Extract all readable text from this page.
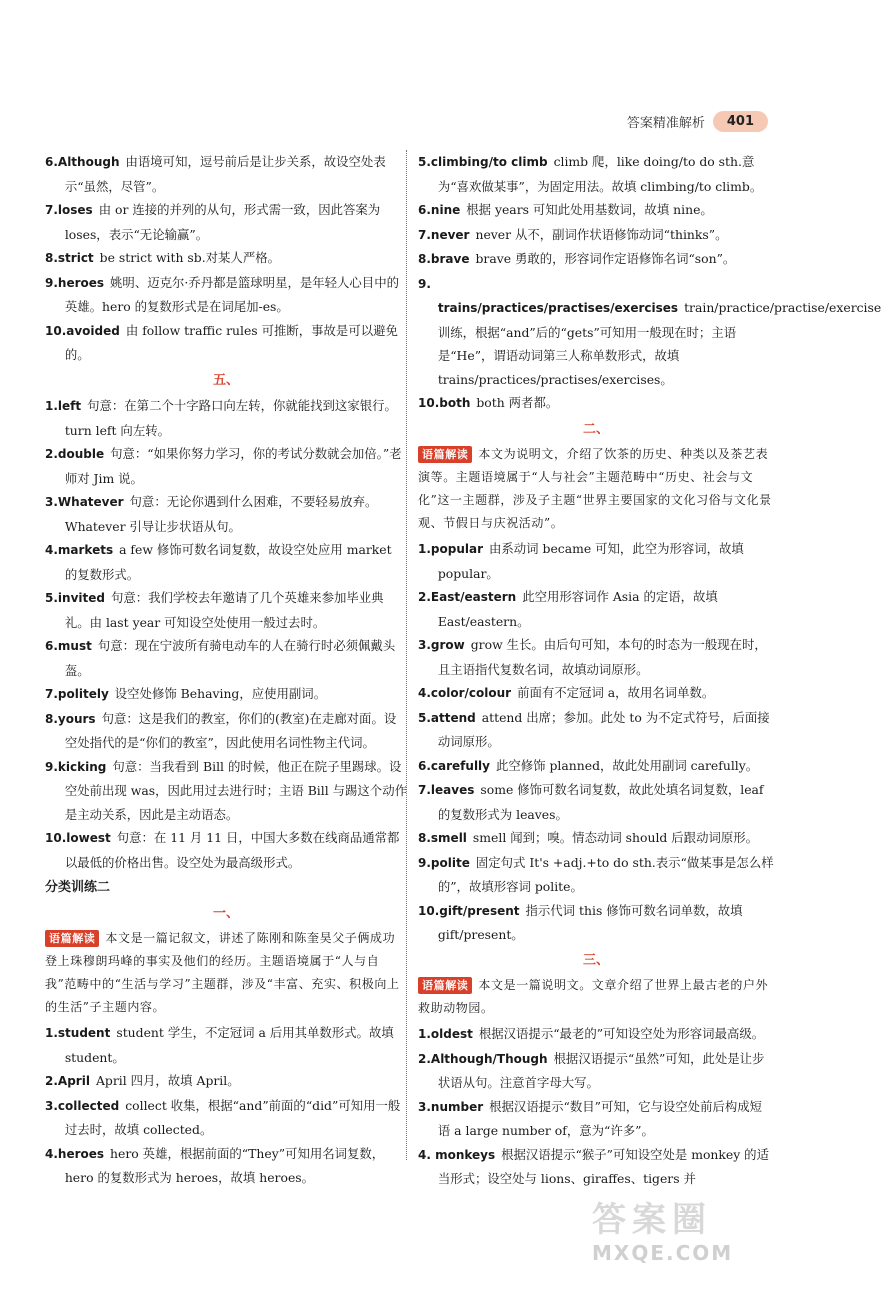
答案精准解析	401
6.Although 由语境可知，逗号前后是让步关系，故设空处表示“虽然，尽管”。
7.loses 由 or 连接的并列的从句，形式需一致，因此答案为 loses，表示“无论输赢”。
8.strict be strict with sb.对某人严格。
9.heroes 姚明、迈克尔·乔丹都是篮球明星，是年轻人心目中的英雄。hero 的复数形式是在词尾加-es。
10.avoided 由 follow traffic rules 可推断，事故是可以避免的。
五、
1.left 句意：在第二个十字路口向左转，你就能找到这家银行。turn left 向左转。
2.double 句意：“如果你努力学习，你的考试分数就会加倍。”老师对 Jim 说。
3.Whatever 句意：无论你遇到什么困难，不要轻易放弃。Whatever 引导让步状语从句。
4.markets a few 修饰可数名词复数，故设空处应用 market 的复数形式。
5.invited 句意：我们学校去年邀请了几个英雄来参加毕业典礼。由 last year 可知设空处使用一般过去时。
6.must 句意：现在宁波所有骑电动车的人在骑行时必须佩戴头盔。
7.politely 设空处修饰 Behaving，应使用副词。
8.yours 句意：这是我们的教室，你们的(教室)在走廊对面。设空处指代的是“你们的教室”，因此使用名词性物主代词。
9.kicking 句意：当我看到 Bill 的时候，他正在院子里踢球。设空处前出现 was，因此用过去进行时；主语 Bill 与踢这个动作是主动关系，因此是主动语态。
10.lowest 句意：在 11 月 11 日，中国大多数在线商品通常都以最低的价格出售。设空处为最高级形式。
分类训练二
一、
语篇解读 本文是一篇记叙文，讲述了陈刚和陈奎昊父子俩成功登上珠穆朗玛峰的事实及他们的经历。主题语境属于“人与自我”范畴中的“生活与学习”主题群，涉及“丰富、充实、积极向上的生活”子主题内容。
1.student student 学生，不定冠词 a 后用其单数形式。故填 student。
2.April April 四月，故填 April。
3.collected collect 收集，根据“and”前面的“did”可知用一般过去时，故填 collected。
4.heroes hero 英雄，根据前面的“They”可知用名词复数，hero 的复数形式为 heroes，故填 heroes。
5.climbing/to climb climb 爬，like doing/to do sth.意为“喜欢做某事”，为固定用法。故填 climbing/to climb。
6.nine 根据 years 可知此处用基数词，故填 nine。
7.never never 从不，副词作状语修饰动词“thinks”。
8.brave brave 勇敢的，形容词作定语修饰名词“son”。
9. trains/practices/practises/exercises train/practice/practise/exercise 训练，根据“and”后的“gets”可知用一般现在时；主语是“He”，谓语动词第三人称单数形式，故填 trains/practices/practises/exercises。
10.both both 两者都。
二、
语篇解读 本文为说明文，介绍了饮茶的历史、种类以及茶艺表演等。主题语境属于“人与社会”主题范畴中“历史、社会与文化”这一主题群，涉及子主题“世界主要国家的文化习俗与文化景观、节假日与庆祝活动”。
1.popular 由系动词 became 可知，此空为形容词，故填 popular。
2.East/eastern 此空用形容词作 Asia 的定语，故填 East/eastern。
3.grow grow 生长。由后句可知，本句的时态为一般现在时，且主语指代复数名词，故填动词原形。
4.color/colour 前面有不定冠词 a，故用名词单数。
5.attend attend 出席；参加。此处 to 为不定式符号，后面接动词原形。
6.carefully 此空修饰 planned，故此处用副词 carefully。
7.leaves some 修饰可数名词复数，故此处填名词复数，leaf 的复数形式为 leaves。
8.smell smell 闻到；嗅。情态动词 should 后跟动词原形。
9.polite 固定句式 It's +adj.+to do sth.表示“做某事是怎么样的”，故填形容词 polite。
10.gift/present 指示代词 this 修饰可数名词单数，故填 gift/present。
三、
语篇解读 本文是一篇说明文。文章介绍了世界上最古老的户外救助动物园。
1.oldest 根据汉语提示“最老的”可知设空处为形容词最高级。
2.Although/Though 根据汉语提示“虽然”可知，此处是让步状语从句。注意首字母大写。
3.number 根据汉语提示“数目”可知，它与设空处前后构成短语 a large number of，意为“许多”。
4. monkeys 根据汉语提示“猴子”可知设空处是 monkey 的适当形式；设空处与 lions、giraffes、tigers 并
答案圈
MXQE.COM
